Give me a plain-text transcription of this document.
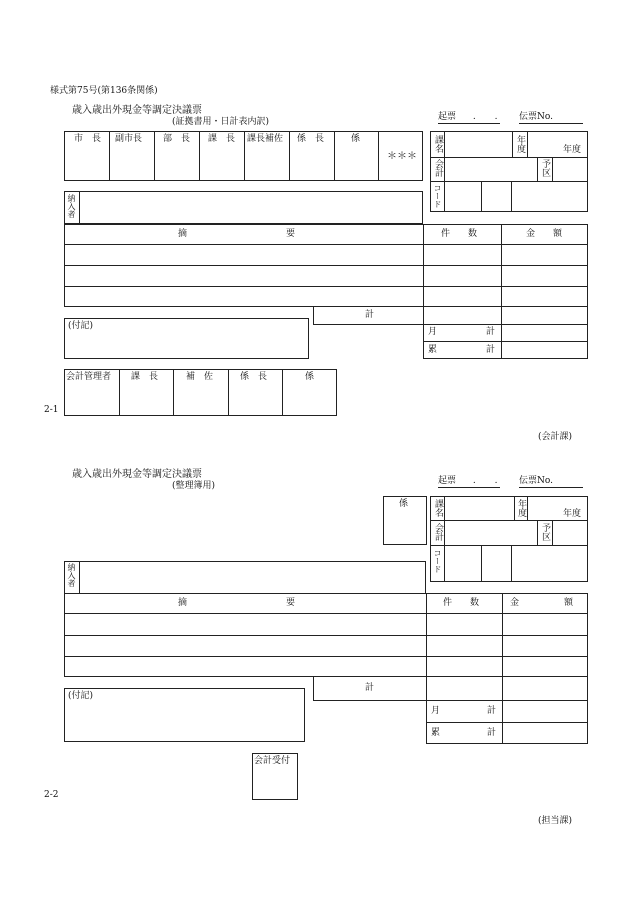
様式第75号(第136条関係)
歳入歳出外現金等調定決議票
(証拠書用・日計表内訳)	起票 . . 伝票No.
市　長 副市長 部　長 課　長 課長補佐 係　長	係
＊＊＊
課名	年度	年度
会計	予区
コード
納入者
摘　　　　　　　　　　　要	件　　数	金　　額
計
月	計
累	計
(付記)
会計管理者 課　長	補　佐	係　長	係
2-1
(会計課)
歳入歳出外現金等調定決議票
(整理簿用)	起票 . . 伝票No.
係	課名	年度	年度
会計	予区
コード
納入者
摘　　　　　　　　　　　要	件　　数	金　　　　　額
計
月	計
累	計
(付記)
会計受付
2-2
(担当課)
